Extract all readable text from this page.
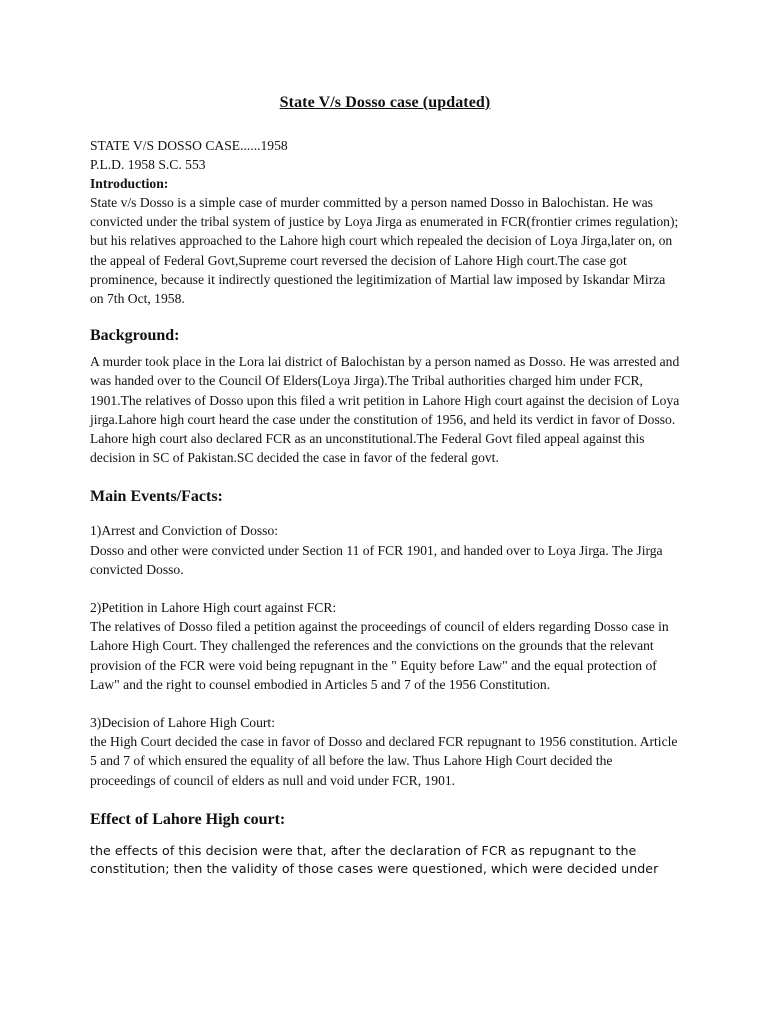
State V/s Dosso case (updated)

STATE V/S DOSSO CASE......1958

P.L.D. 1958 S.C. 553

Introduction:

State v/s Dosso is a simple case of murder committed by a person named Dosso in Balochistan. He was convicted under the tribal system of justice by Loya Jirga as enumerated in FCR(frontier crimes regulation); but his relatives approached to the Lahore high court which repealed the decision of Loya Jirga,later on, on the appeal of Federal Govt,Supreme court reversed the decision of Lahore High court.The case got prominence, because it indirectly questioned the legitimization of Martial law imposed by Iskandar Mirza on 7th Oct, 1958.

Background:

A murder took place in the Lora lai district of Balochistan by a person named as Dosso. He was arrested and was handed over to the Council Of Elders(Loya Jirga).The Tribal authorities charged him under FCR, 1901.The relatives of Dosso upon this filed a writ petition in Lahore High court against the decision of Loya jirga.Lahore high court heard the case under the constitution of 1956, and held its verdict in favor of Dosso. Lahore high court also declared FCR as an unconstitutional.The Federal Govt filed appeal against this decision in SC of Pakistan.SC decided the case in favor of the federal govt.

Main Events/Facts:

1)Arrest and Conviction of Dosso:

Dosso and other were convicted under Section 11 of FCR 1901, and handed over to Loya Jirga. The Jirga convicted Dosso.

2)Petition in Lahore High court against FCR:

The relatives of Dosso filed a petition against the proceedings of council of elders regarding Dosso case in Lahore High Court. They challenged the references and the convictions on the grounds that the relevant provision of the FCR were void being repugnant in the " Equity before Law" and the equal protection of Law" and the right to counsel embodied in Articles 5 and 7 of the 1956 Constitution.

3)Decision of Lahore High Court:

the High Court decided the case in favor of Dosso and declared FCR repugnant to 1956 constitution. Article 5 and 7 of which ensured the equality of all before the law. Thus Lahore High Court decided the proceedings of council of elders as null and void under FCR, 1901.

Effect of Lahore High court:

the effects of this decision were that, after the declaration of FCR as repugnant to the constitution; then the validity of those cases were questioned, which were decided under
